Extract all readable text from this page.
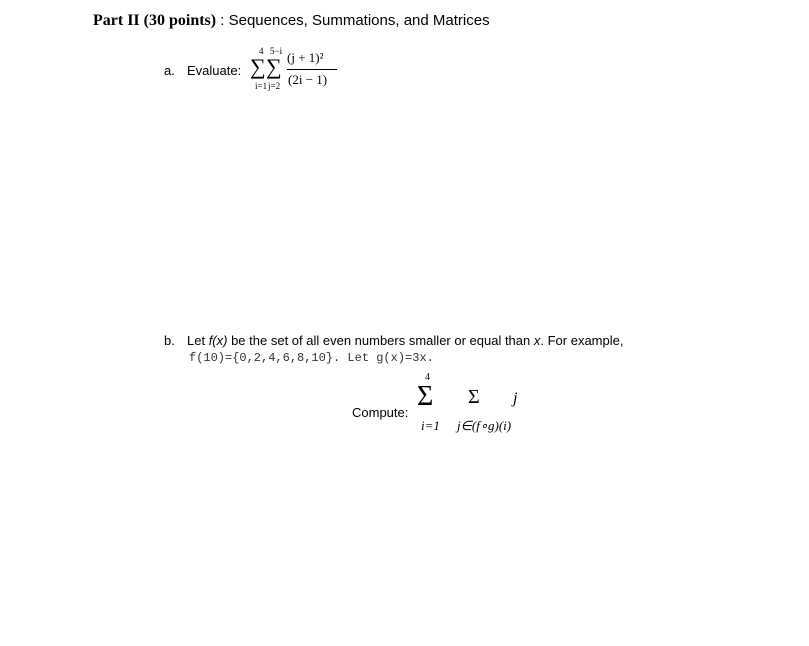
Part II (30 points) : Sequences, Summations, and Matrices
a. Evaluate:
4 5−i
∑ ∑
i=1 j=2
(j + 1)²
(2i − 1)
b. Let f(x) be the set of all even numbers smaller or equal than x. For example,
f(10)={0,2,4,6,8,10}. Let g(x)=3x.
Compute:
4
Σ Σ j
i=1 j∈(f∘g)(i)
